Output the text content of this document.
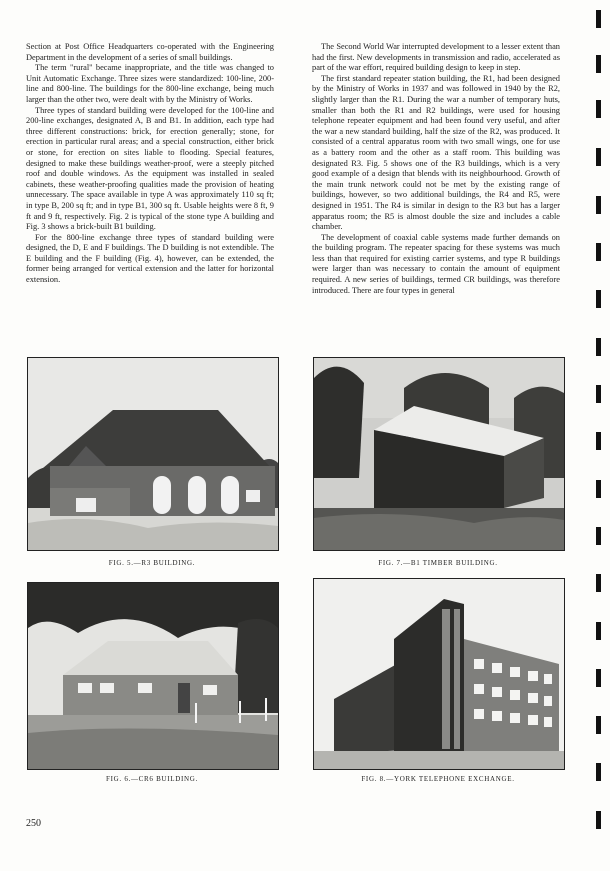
Section at Post Office Headquarters co-operated with the Engineering Department in the development of a series of small buildings.

The term "rural" became inappropriate, and the title was changed to Unit Automatic Exchange. Three sizes were standardized: 100-line, 200-line and 800-line. The buildings for the 800-line exchange, being much larger than the other two, were dealt with by the Ministry of Works.

Three types of standard building were developed for the 100-line and 200-line exchanges, designated A, B and B1. In addition, each type had three different constructions: brick, for erection generally; stone, for erection in particular rural areas; and a special construction, either brick or stone, for erection on sites liable to flooding. Special features, designed to make these buildings weather-proof, were a steeply pitched roof and double windows. As the equipment was installed in sealed cabinets, these weather-proofing qualities made the provision of heating unnecessary. The space available in type A was approximately 110 sq ft; in type B, 200 sq ft; and in type B1, 300 sq ft. Usable heights were 8 ft, 9 ft and 9 ft, respectively. Fig. 2 is typical of the stone type A building and Fig. 3 shows a brick-built B1 building.

For the 800-line exchange three types of standard building were designed, the D, E and F buildings. The D building is not extendible. The E building and the F building (Fig. 4), however, can be extended, the former being arranged for vertical extension and the latter for horizontal extension.

The Second World War interrupted development to a lesser extent than had the first. New developments in transmission and radio, accelerated as part of the war effort, required building design to keep in step.

The first standard repeater station building, the R1, had been designed by the Ministry of Works in 1937 and was followed in 1940 by the R2, slightly larger than the R1. During the war a number of temporary huts, smaller than both the R1 and R2 buildings, were used for housing telephone repeater equipment and had been found very useful, and after the war a new standard building, half the size of the R2, was produced. It consisted of a central apparatus room with two small wings, one for use as a battery room and the other as a staff room. This building was designated R3. Fig. 5 shows one of the R3 buildings, which is a very good example of a design that blends with its neighbourhood. Growth of the main trunk network could not be met by the existing range of buildings, however, so two additional buildings, the R4 and R5, were designed in 1951. The R4 is similar in design to the R3 but has a larger apparatus room; the R5 is almost double the size and includes a cable chamber.

The development of coaxial cable systems made further demands on the building program. The repeater spacing for these systems was much less than that required for existing carrier systems, and type R buildings were larger than was necessary to contain the amount of equipment required. A new series of buildings, termed CR buildings, was therefore introduced. There are four types in general

FIG. 5.—R3 BUILDING.	FIG. 7.—B1 TIMBER BUILDING.
FIG. 6.—CR6 BUILDING.	FIG. 8.—YORK TELEPHONE EXCHANGE.
250
